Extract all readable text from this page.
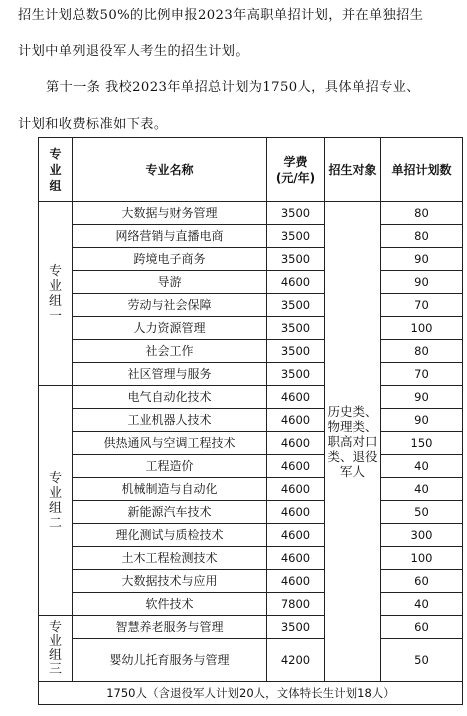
招生计划总数50%的比例申报2023年高职单招计划，并在单独招生
计划中单列退役军人考生的招生计划。
第十一条 我校2023年单招总计划为1750人，具体单招专业、
计划和收费标准如下表。
专业组	专业名称	学费(元/年)	招生对象	单招计划数

专业组一	大数据与财务管理	3500	历史类、物理类、职高对口类、退役军人	80
	网络营销与直播电商	3500		80
	跨境电子商务	3500		90
	导游	4600		90
	劳动与社会保障	3500		70
	人力资源管理	3500		100
	社会工作	3500		80
	社区管理与服务	3500		70

专业组二	电气自动化技术	4600		90
	工业机器人技术	4600		90
	供热通风与空调工程技术	4600		150
	工程造价	4600		40
	机械制造与自动化	4600		40
	新能源汽车技术	4600		50
	理化测试与质检技术	4600		300
	土木工程检测技术	4600		100
	大数据技术与应用	4600		60
	软件技术	7800		40

专业组三	智慧养老服务与管理	3500		60
	婴幼儿托育服务与管理	4200		50
1750人（含退役军人计划20人，文体特长生计划18人）				
